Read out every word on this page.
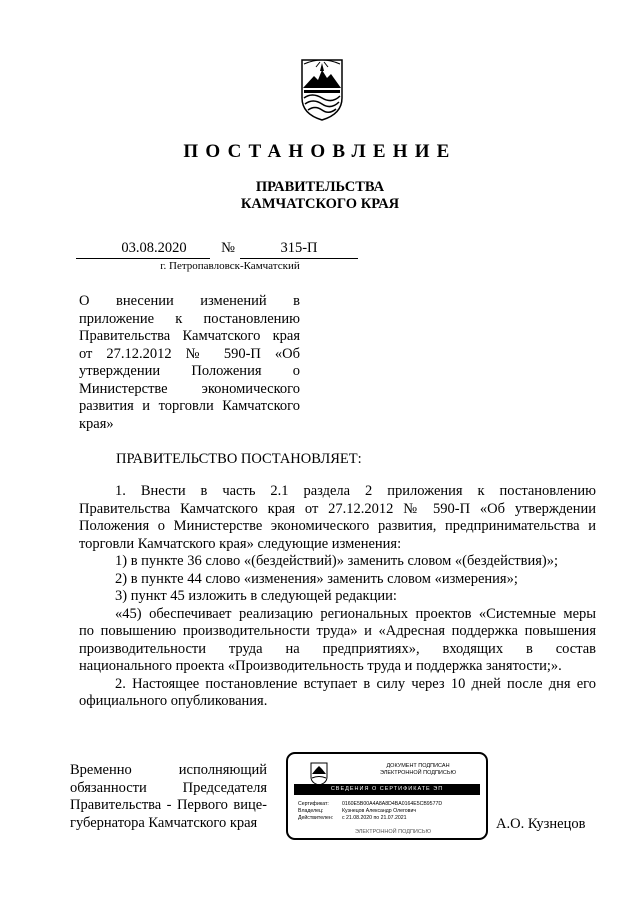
ПОСТАНОВЛЕНИЕ
ПРАВИТЕЛЬСТВА
КАМЧАТСКОГО КРАЯ
03.08.2020	№	315-П
г. Петропавловск-Камчатский
О внесении изменений в
приложение к постановлению
Правительства Камчатского края
от 27.12.2012 № 590-П «Об
утверждении Положения о
Министерстве экономического
развития и торговли Камчатского
края»
ПРАВИТЕЛЬСТВО ПОСТАНОВЛЯЕТ:
1. Внести в часть 2.1 раздела 2 приложения к постановлению
Правительства Камчатского края от 27.12.2012 № 590-П «Об утверждении
Положения о Министерстве экономического развития, предпринимательства и
торговли Камчатского края» следующие изменения:
1) в пункте 36 слово «(бездействий)» заменить словом «(бездействия)»;
2) в пункте 44 слово «изменения» заменить словом «измерения»;
3) пункт 45 изложить в следующей редакции:
«45) обеспечивает реализацию региональных проектов «Системные меры
по повышению производительности труда» и «Адресная поддержка повышения
производительности труда на предприятиях», входящих в состав
национального проекта «Производительность труда и поддержка занятости;».
2. Настоящее постановление вступает в силу через 10 дней после дня его
официального опубликования.
Временно исполняющий
обязанности Председателя
Правительства - Первого вице-
губернатора Камчатского края
ДОКУМЕНТ ПОДПИСАН
ЭЛЕКТРОННОЙ ПОДПИСЬЮ
СВЕДЕНИЯ О СЕРТИФИКАТЕ ЭП
Сертификат:	0160E5B00A4A8A8D4BA0164E5CB9577D
Владелец:	Кузнецов Александр Олегович
Действителен: с 21.08.2020 по 21.07.2021
ЭЛЕКТРОННОЙ ПОДПИСЬЮ	А.О. Кузнецов
